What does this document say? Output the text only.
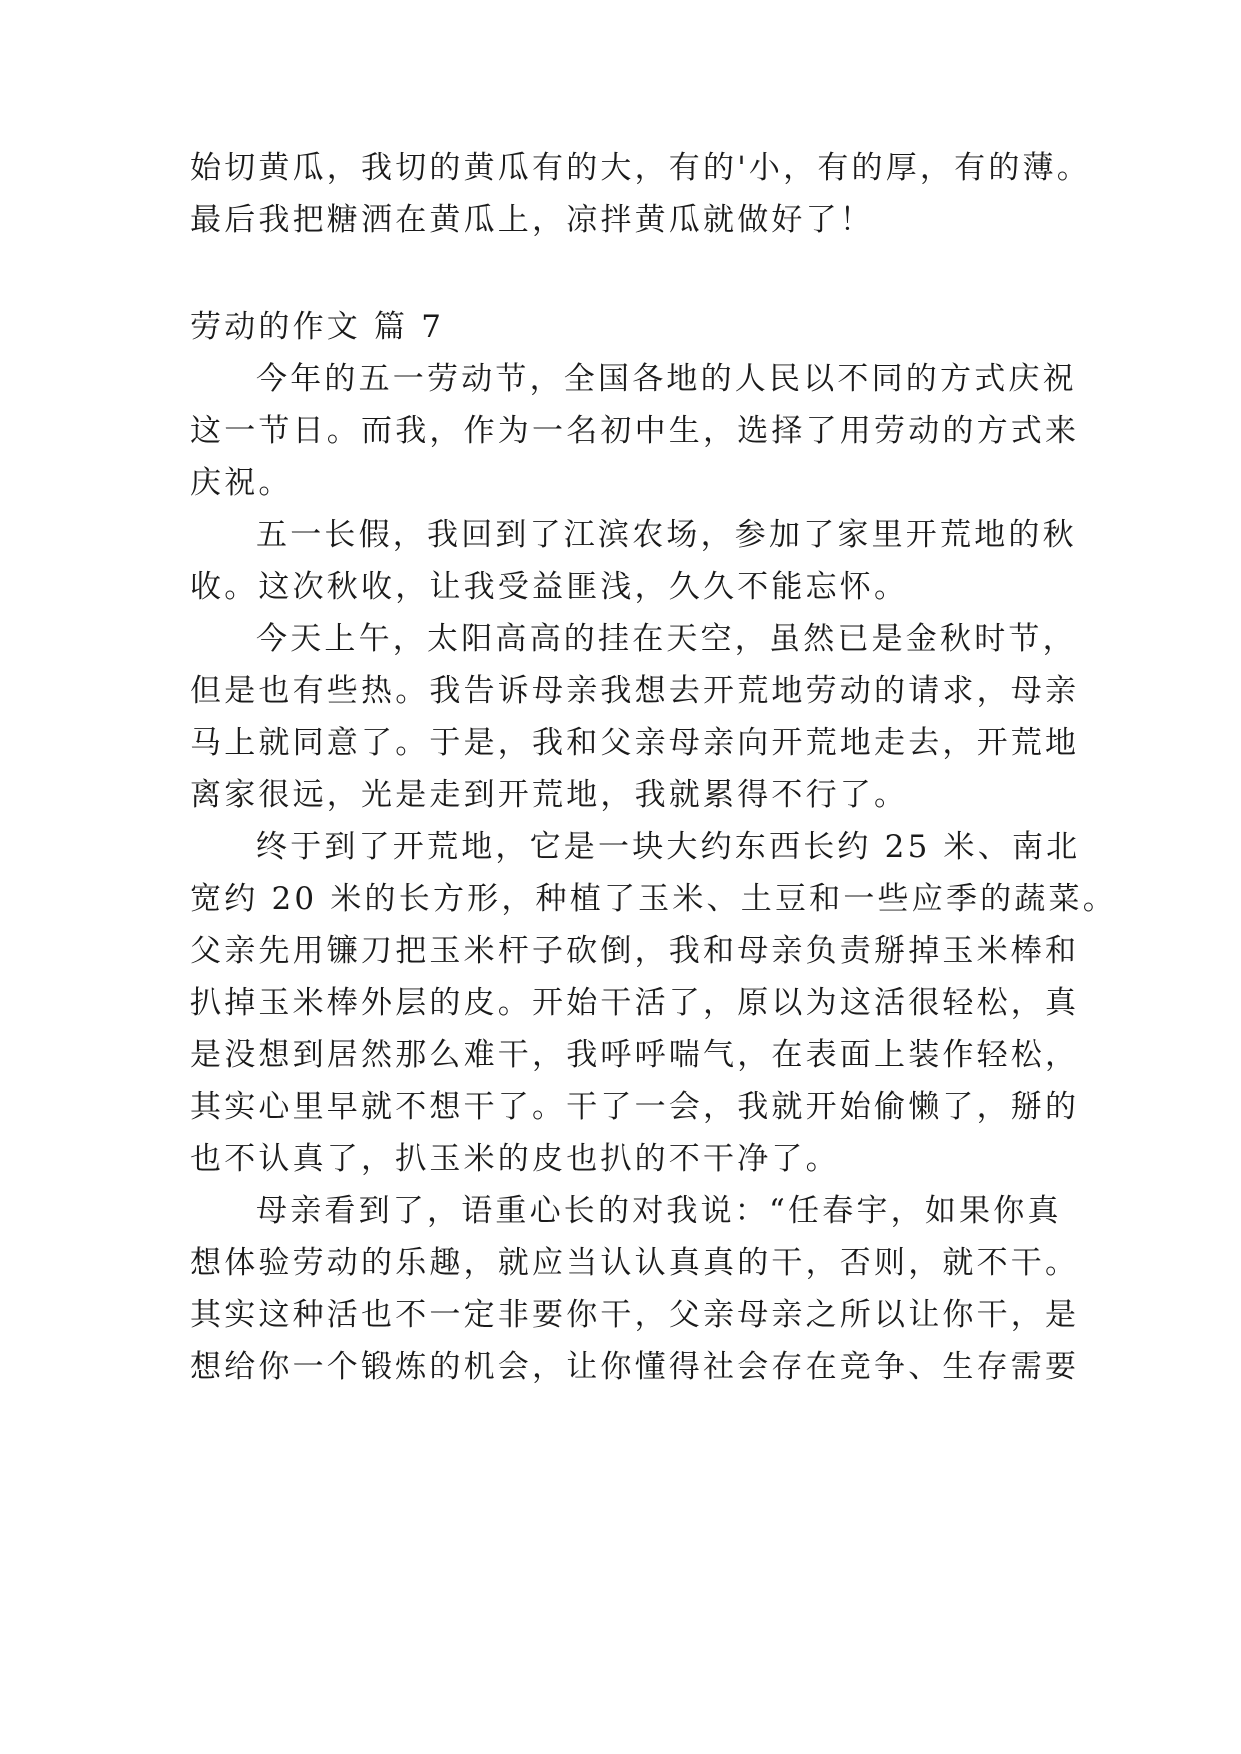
始切黄瓜，我切的黄瓜有的大，有的'小，有的厚，有的薄。
最后我把糖洒在黄瓜上，凉拌黄瓜就做好了！
劳动的作文 篇 7
今年的五一劳动节，全国各地的人民以不同的方式庆祝
这一节日。而我，作为一名初中生，选择了用劳动的方式来
庆祝。
五一长假，我回到了江滨农场，参加了家里开荒地的秋
收。这次秋收，让我受益匪浅，久久不能忘怀。
今天上午，太阳高高的挂在天空，虽然已是金秋时节，
但是也有些热。我告诉母亲我想去开荒地劳动的请求，母亲
马上就同意了。于是，我和父亲母亲向开荒地走去，开荒地
离家很远，光是走到开荒地，我就累得不行了。
终于到了开荒地，它是一块大约东西长约 25 米、南北
宽约 20 米的长方形，种植了玉米、土豆和一些应季的蔬菜。
父亲先用镰刀把玉米杆子砍倒，我和母亲负责掰掉玉米棒和
扒掉玉米棒外层的皮。开始干活了，原以为这活很轻松，真
是没想到居然那么难干，我呼呼喘气，在表面上装作轻松，
其实心里早就不想干了。干了一会，我就开始偷懒了，掰的
也不认真了，扒玉米的皮也扒的不干净了。
母亲看到了，语重心长的对我说：“任春宇，如果你真
想体验劳动的乐趣，就应当认认真真的干，否则，就不干。
其实这种活也不一定非要你干，父亲母亲之所以让你干，是
想给你一个锻炼的机会，让你懂得社会存在竞争、生存需要
